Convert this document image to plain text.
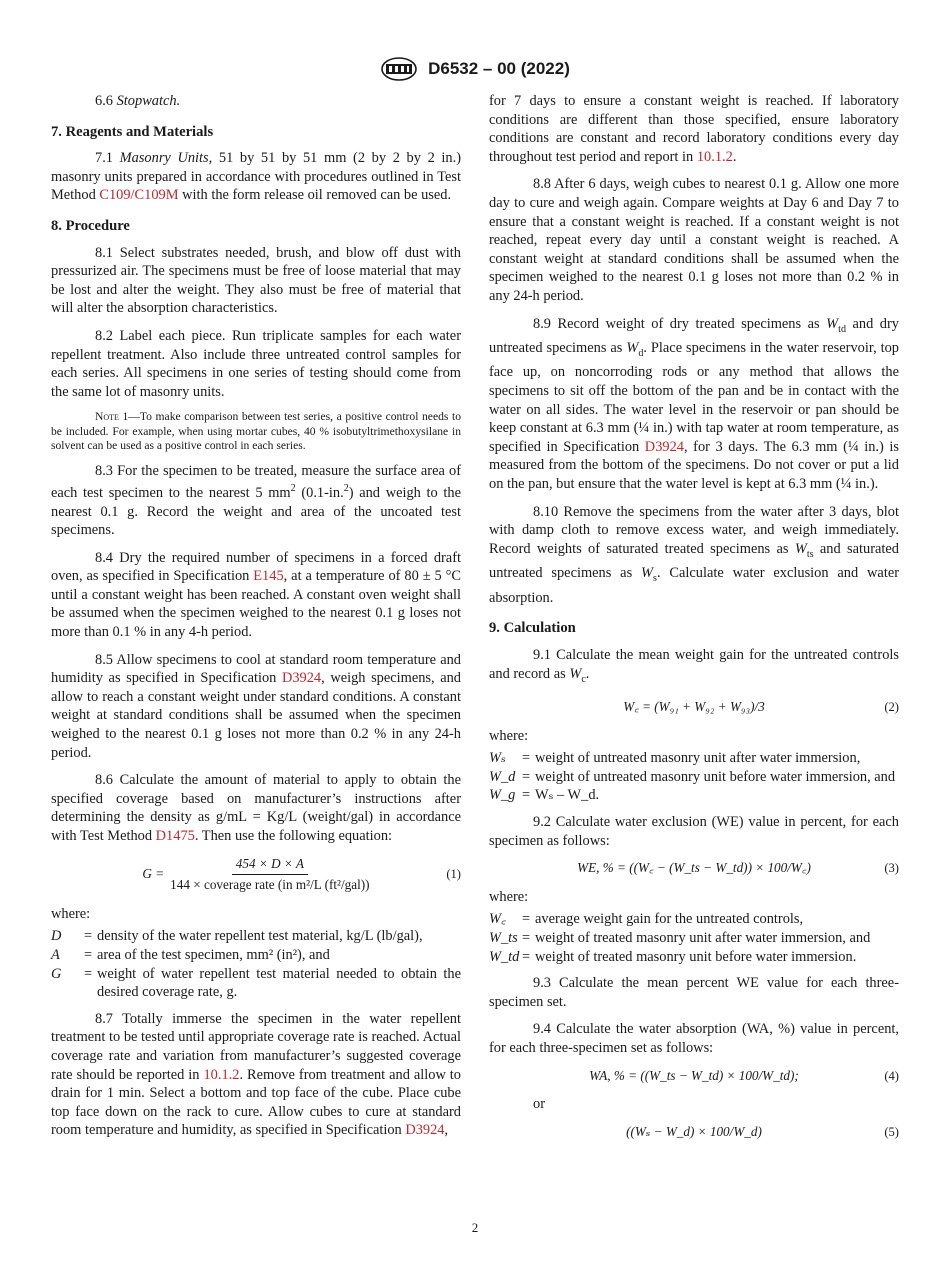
D6532 – 00 (2022)

6.6 Stopwatch.

7. Reagents and Materials

7.1 Masonry Units, 51 by 51 by 51 mm (2 by 2 by 2 in.) masonry units prepared in accordance with procedures outlined in Test Method C109/C109M with the form release oil removed can be used.

8. Procedure

8.1 Select substrates needed, brush, and blow off dust with pressurized air. The specimens must be free of loose material that may be lost and alter the weight. They also must be free of material that will alter the absorption characteristics.

8.2 Label each piece. Run triplicate samples for each water repellent treatment. Also include three untreated control samples for each series. All specimens in one series of testing should come from the same lot of masonry units.

Note 1—To make comparison between test series, a positive control needs to be included. For example, when using mortar cubes, 40 % isobutyltrimethoxysilane in solvent can be used as a positive control in each series.

8.3 For the specimen to be treated, measure the surface area of each test specimen to the nearest 5 $mm^2$ (0.1-in.$^2$) and weigh to the nearest 0.1 g. Record the weight and area of the uncoated test specimens.

8.4 Dry the required number of specimens in a forced draft oven, as specified in Specification E145, at a temperature of 80 ± 5 °C until a constant weight has been reached. A constant oven weight shall be assumed when the specimen weighed to the nearest 0.1 g loses not more than 0.1 % in any 4-h period.

8.5 Allow specimens to cool at standard room temperature and humidity as specified in Specification D3924, weigh specimens, and allow to reach a constant weight under standard conditions. A constant weight at standard conditions shall be assumed when the specimen weighed to the nearest 0.1 g loses not more than 0.2 % in any 24-h period.

8.6 Calculate the amount of material to apply to obtain the specified coverage based on manufacturer’s instructions after determining the density as g/mL = Kg/L (weight/gal) in accordance with Test Method D1475. Then use the following equation:

$G = \frac{454 \times D \times A}{\text{144 × coverage rate (in m²/L (ft²/gal))}}$	(1)
where:
D	= density of the water repellent test material, kg/L (lb/gal),
A	= area of the test specimen, mm² (in²), and
G	= weight of water repellent test material needed to obtain the desired coverage rate, g.

8.7 Totally immerse the specimen in the water repellent treatment to be tested until appropriate coverage rate is reached. Actual coverage rate and variation from manufacturer’s suggested coverage rate should be reported in 10.1.2. Remove from treatment and allow to drain for 1 min. Select a bottom and top face of the cube. Place cube top face down on the rack to cure. Allow cubes to cure at standard room temperature and humidity, as specified in Specification D3924,

for 7 days to ensure a constant weight is reached. If laboratory conditions are different than those specified, ensure laboratory conditions are constant and record laboratory conditions every day throughout test period and report in 10.1.2.

8.8 After 6 days, weigh cubes to nearest 0.1 g. Allow one more day to cure and weigh again. Compare weights at Day 6 and Day 7 to ensure that a constant weight is reached. If a constant weight is not reached, repeat every day until a constant weight is reached. A constant weight at standard conditions shall be assumed when the specimen weighed to the nearest 0.1 g loses not more than 0.2 % in any 24-h period.

8.9 Record weight of dry treated specimens as $W_{td}$ and dry untreated specimens as $W_d$. Place specimens in the water reservoir, top face up, on noncorroding rods or any method that allows the specimens to sit off the bottom of the pan and be in contact with the water on all sides. The water level in the reservoir or pan should be keep constant at 6.3 mm (¼ in.) with tap water at room temperature, as specified in Specification D3924, for 3 days. The 6.3 mm (¼ in.) is measured from the bottom of the specimens. Do not cover or put a lid on the pan, but ensure that the water level is kept at 6.3 mm (¼ in.).

8.10 Remove the specimens from the water after 3 days, blot with damp cloth to remove excess water, and weigh immediately. Record weights of saturated treated specimens as $W_{ts}$ and saturated untreated specimens as $W_s$. Calculate water exclusion and water absorption.

9. Calculation

9.1 Calculate the mean weight gain for the untreated controls and record as $W_c$.

W꜀ = (W₉₁ + W₉₂ + W₉₃)/3	(2)
where:
Wₛ	= weight of untreated masonry unit after water immersion,
W_d = weight of untreated masonry unit before water immersion, and
W_g = Wₛ – W_d.

9.2 Calculate water exclusion (WE) value in percent, for each specimen as follows:

WE, % = ((W꜀ − (W_ts − W_td)) × 100/W꜀)	(3)
where:
W꜀	= average weight gain for the untreated controls,
W_ts = weight of treated masonry unit after water immersion, and
W_td = weight of treated masonry unit before water immersion.

9.3 Calculate the mean percent WE value for each three-specimen set.

9.4 Calculate the water absorption (WA, %) value in percent, for each three-specimen set as follows:

WA, % = ((W_ts − W_td) × 100/W_td);	(4)

or

((Wₛ − W_d) × 100/W_d)	(5)
2
